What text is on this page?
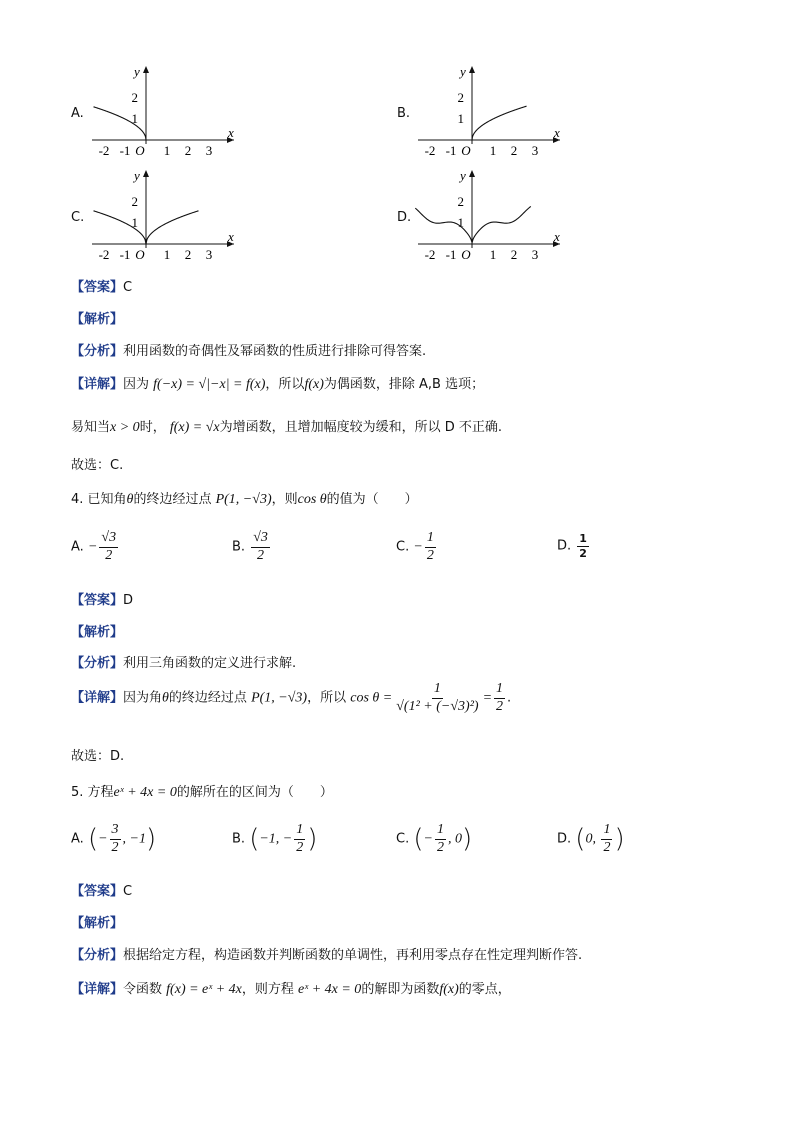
A.
-2 -1 O 1 2 3
2
1
x
y
B.
-2 -1 O 1 2 3
2
1
x
y
C.
-2 -1 O 1 2 3
2
1
x
y
D.
-2 -1 O 1 2 3
2
1
x
y
【答案】C
【解析】
【分析】利用函数的奇偶性及幂函数的性质进行排除可得答案.
【详解】因为 f(−x) = √|−x| = f(x)，所以f(x)为偶函数，排除 A,B 选项；
易知当x > 0时， f(x) = √x为增函数，且增加幅度较为缓和，所以 D 不正确.
故选：C.
4. 已知角θ的终边经过点 P(1, −√3)，则cos θ的值为（　　）
A. − $\frac{√3}{2}$	B. $\frac{√3}{2}$	C. − $\frac{1}{2}$	D. $\frac{1}{2}$
【答案】D
【解析】
【分析】利用三角函数的定义进行求解.
【详解】因为角θ的终边经过点 P(1, −√3)，所以 $\cos \theta = \frac{1}{\text{√(1² + (−√3)²)}} = \frac{1}{2}$ .
故选：D.
5. 方程eˣ + 4x = 0的解所在的区间为（　　）
A. (− $\frac{3}{2}$ , −1)	B. (−1, − $\frac{1}{2}$ )	C. (− $\frac{1}{2}$ , 0)	D. (0, $\frac{1}{2}$ )
【答案】C
【解析】
【分析】根据给定方程，构造函数并判断函数的单调性，再利用零点存在性定理判断作答.
【详解】令函数 f(x) = eˣ + 4x，则方程 eˣ + 4x = 0的解即为函数f(x)的零点，
